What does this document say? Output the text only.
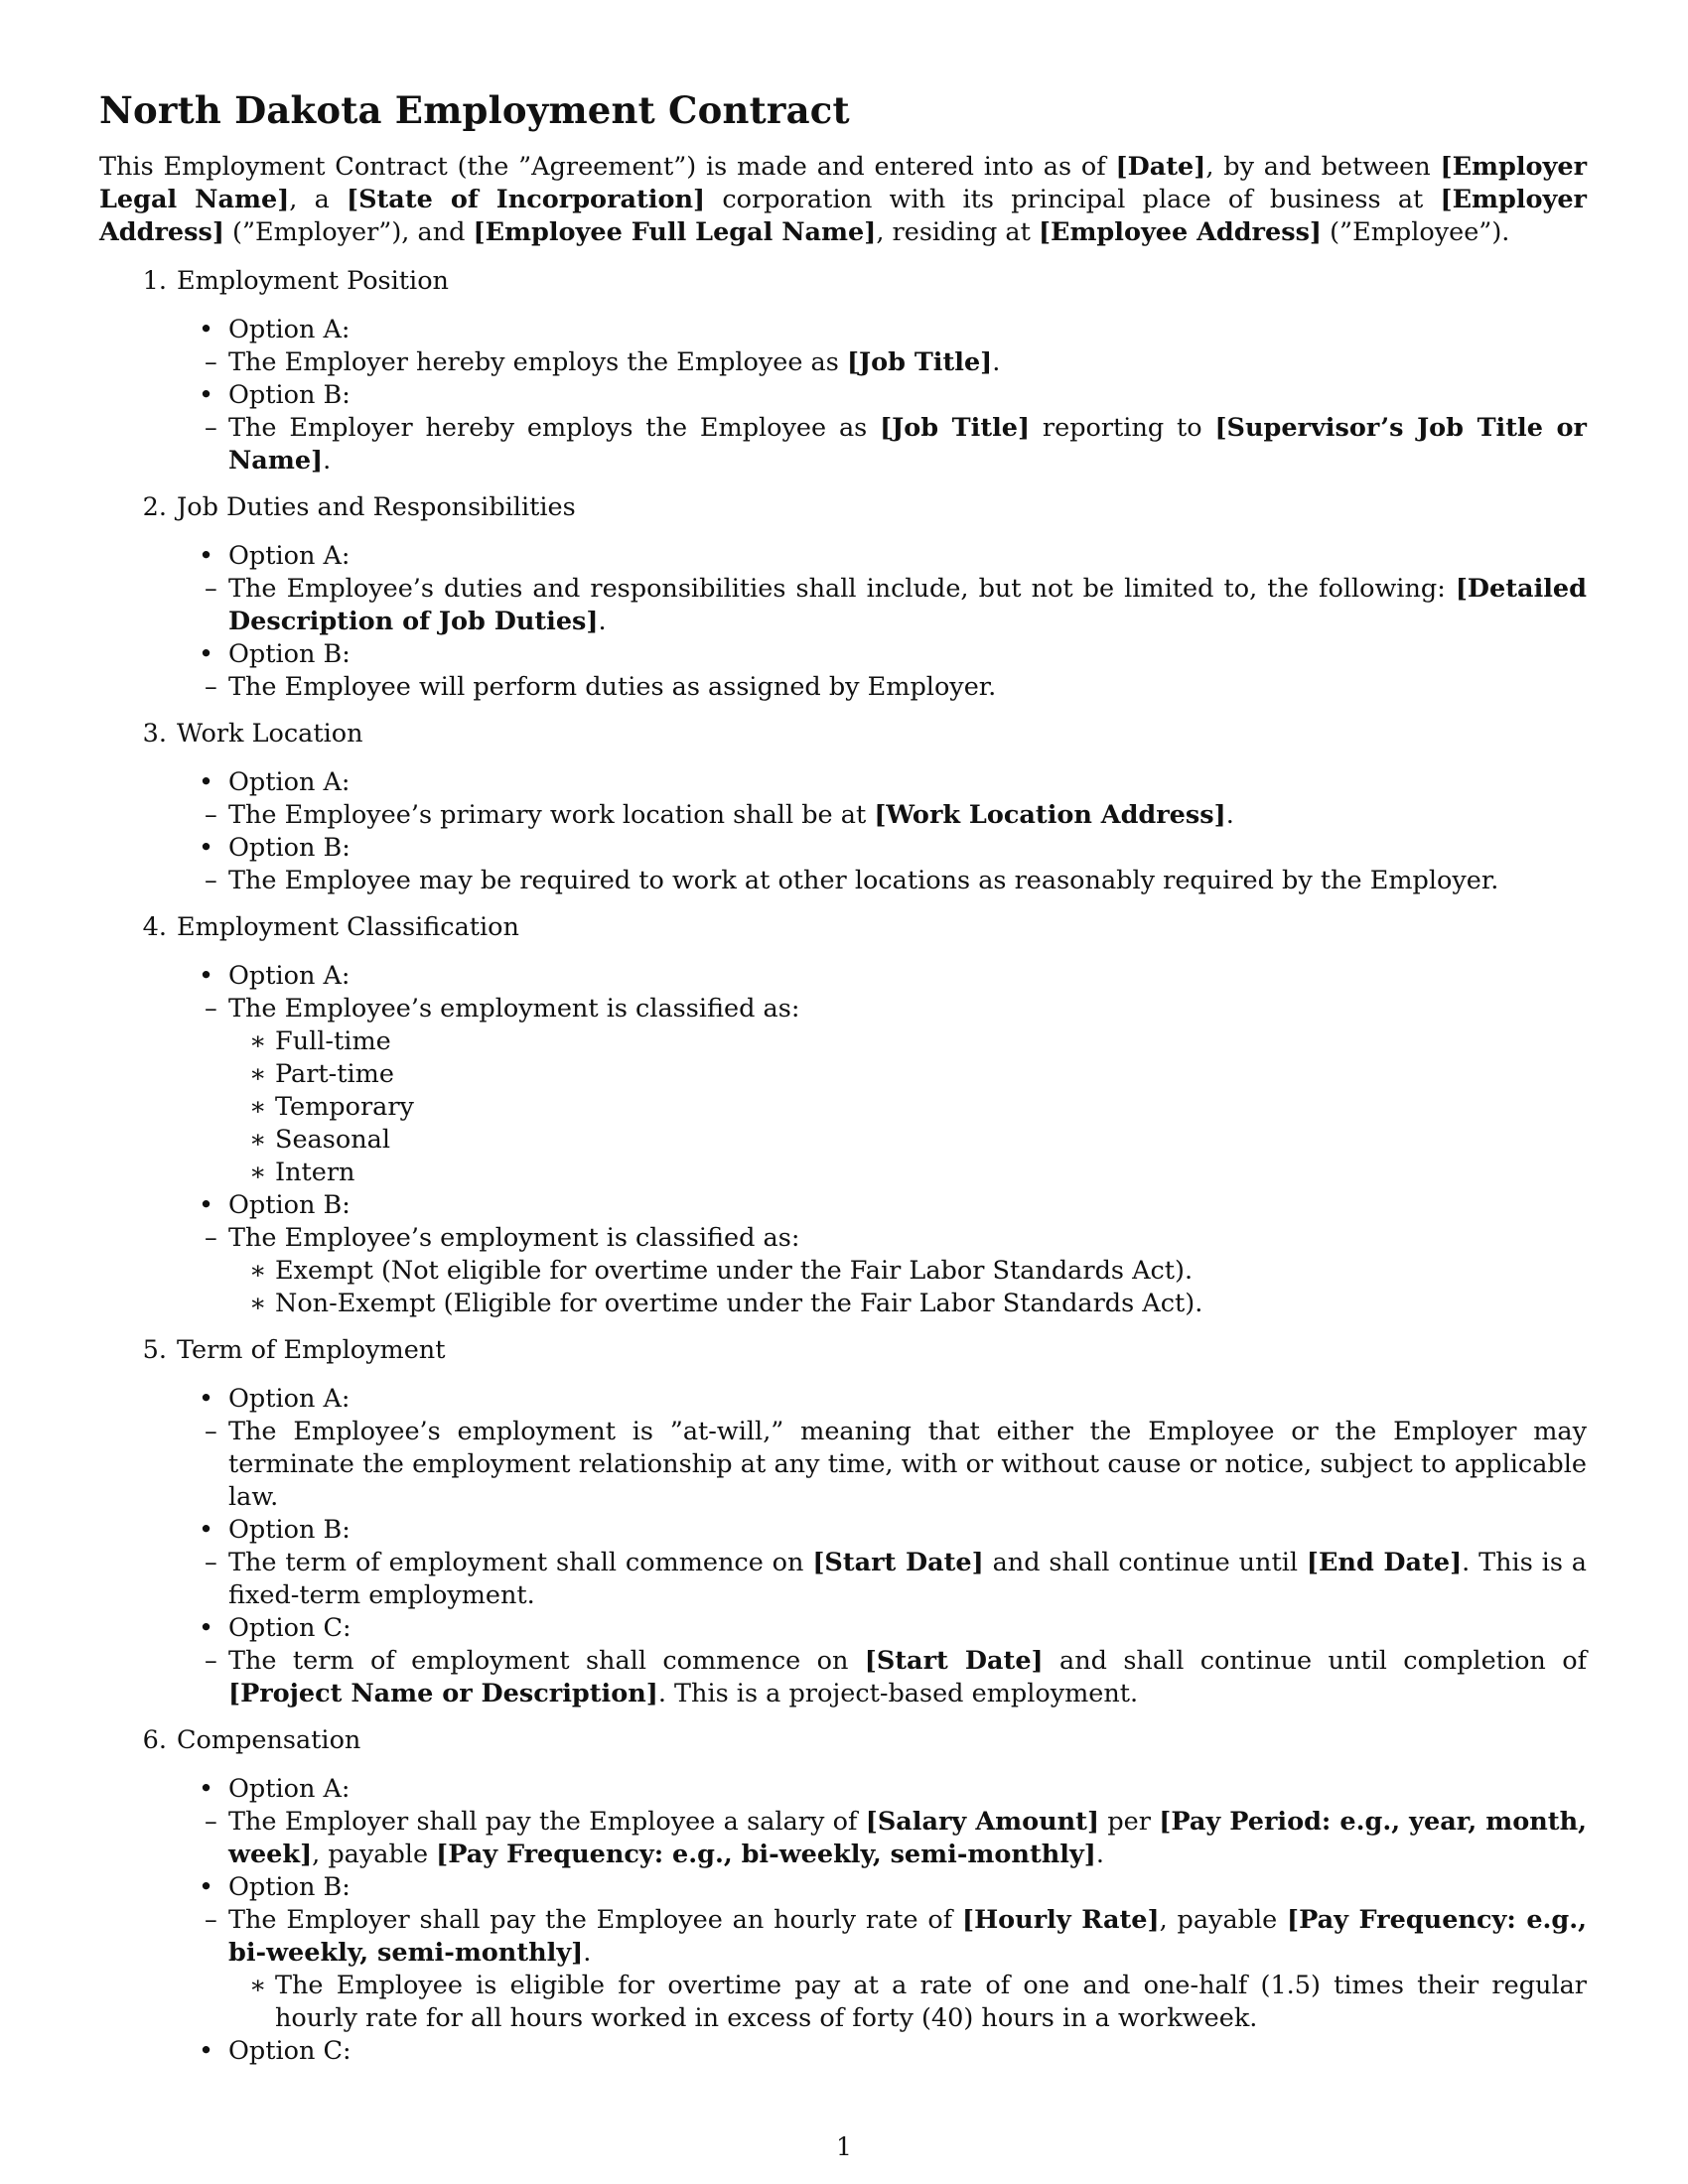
North Dakota Employment Contract

This Employment Contract (the ”Agreement”) is made and entered into as of [Date], by and between [Employer Legal Name], a [State of Incorporation] corporation with its principal place of business at [Employer Address] (”Employer”), and [Employee Full Legal Name], residing at [Employee Address] (”Employee”).

1. Employment Position
• Option A:
– The Employer hereby employs the Employee as [Job Title].
• Option B:
– The Employer hereby employs the Employee as [Job Title] reporting to [Supervisor’s Job Title or Name].
2. Job Duties and Responsibilities
• Option A:
– The Employee’s duties and responsibilities shall include, but not be limited to, the following: [Detailed Description of Job Duties].
• Option B:
– The Employee will perform duties as assigned by Employer.
3. Work Location
• Option A:
– The Employee’s primary work location shall be at [Work Location Address].
• Option B:
– The Employee may be required to work at other locations as reasonably required by the Employer.
4. Employment Classification
• Option A:
– The Employee’s employment is classified as:
∗ Full-time
∗ Part-time
∗ Temporary
∗ Seasonal
∗ Intern
• Option B:
– The Employee’s employment is classified as:
∗ Exempt (Not eligible for overtime under the Fair Labor Standards Act).
∗ Non-Exempt (Eligible for overtime under the Fair Labor Standards Act).
5. Term of Employment
• Option A:
– The Employee’s employment is ”at-will,” meaning that either the Employee or the Employer may terminate the employment relationship at any time, with or without cause or notice, subject to applicable law.
• Option B:
– The term of employment shall commence on [Start Date] and shall continue until [End Date]. This is a fixed-term employment.
• Option C:
– The term of employment shall commence on [Start Date] and shall continue until completion of [Project Name or Description]. This is a project-based employment.
6. Compensation
• Option A:
– The Employer shall pay the Employee a salary of [Salary Amount] per [Pay Period: e.g., year, month, week], payable [Pay Frequency: e.g., bi-weekly, semi-monthly].
• Option B:
– The Employer shall pay the Employee an hourly rate of [Hourly Rate], payable [Pay Frequency: e.g., bi-weekly, semi-monthly].
∗ The Employee is eligible for overtime pay at a rate of one and one-half (1.5) times their regular hourly rate for all hours worked in excess of forty (40) hours in a workweek.
• Option C:
1
